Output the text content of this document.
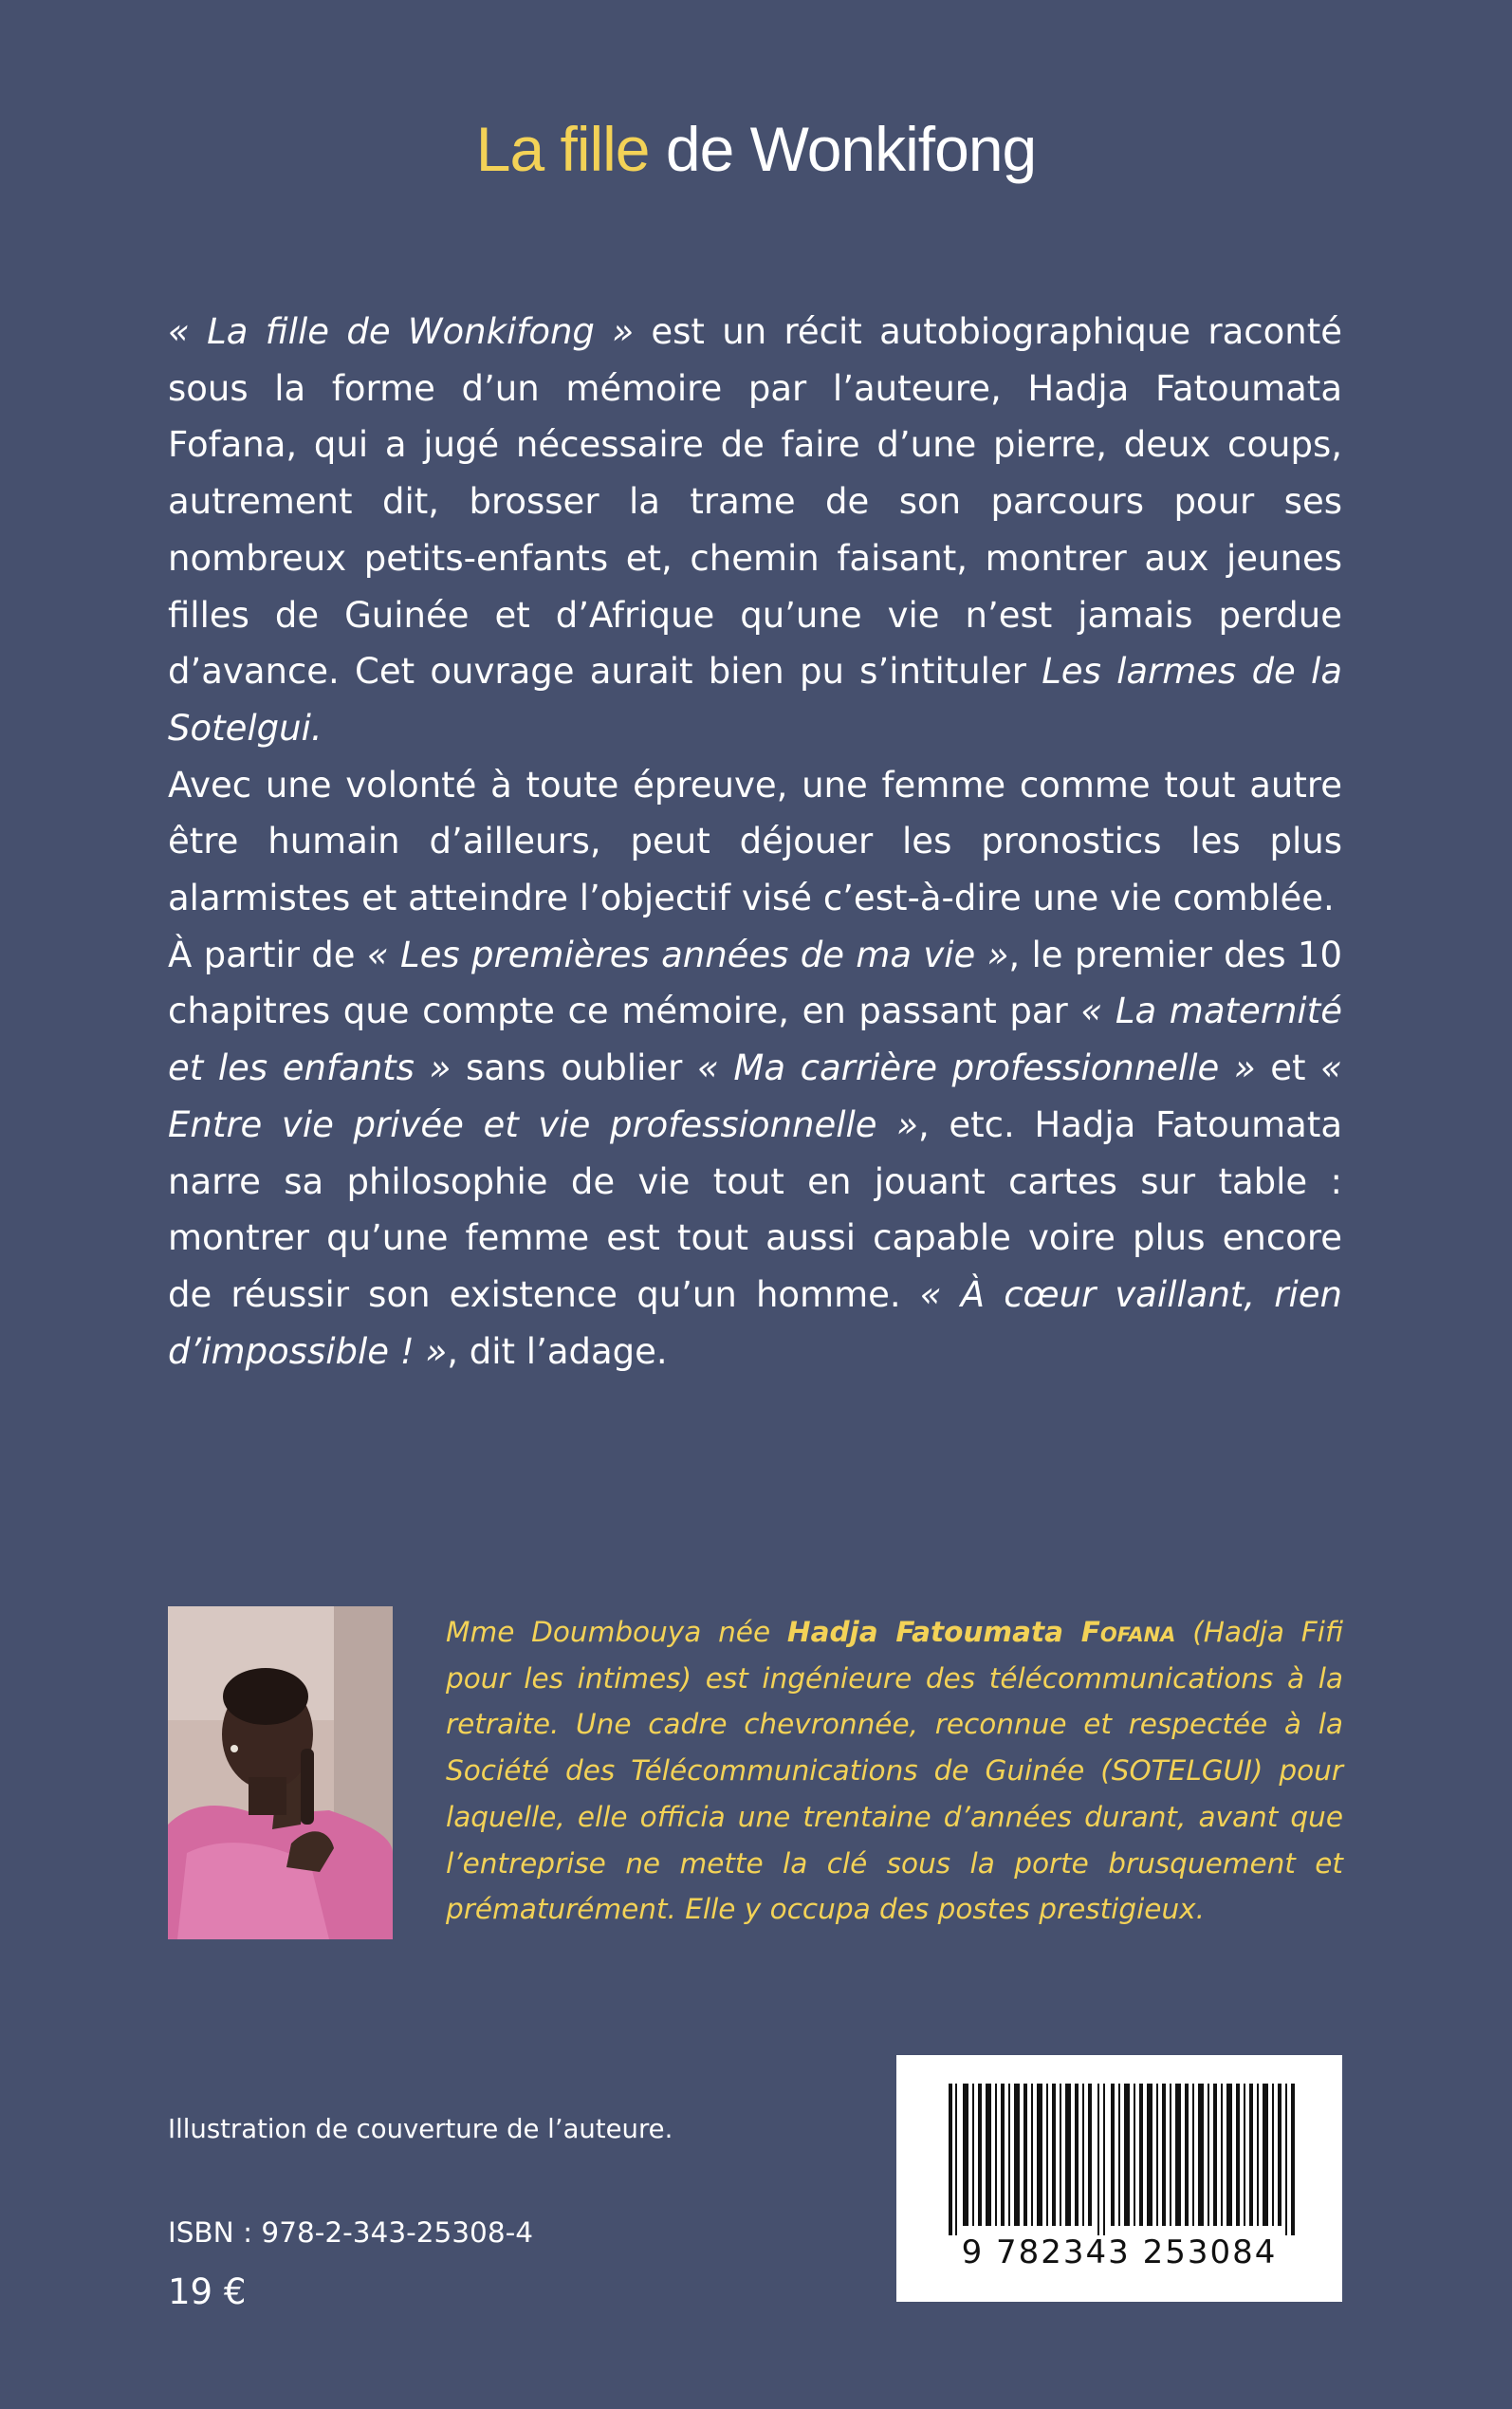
La fille de Wonkifong

« La fille de Wonkifong » est un récit autobiographique raconté sous la forme d’un mémoire par l’auteure, Hadja Fatoumata Fofana, qui a jugé nécessaire de faire d’une pierre, deux coups, autrement dit, brosser la trame de son parcours pour ses nombreux petits-enfants et, chemin faisant, montrer aux jeunes filles de Guinée et d’Afrique qu’une vie n’est jamais perdue d’avance. Cet ouvrage aurait bien pu s’intituler Les larmes de la Sotelgui.

Avec une volonté à toute épreuve, une femme comme tout autre être humain d’ailleurs, peut déjouer les pronostics les plus alarmistes et atteindre l’objectif visé c’est-à-dire une vie comblée.

À partir de « Les premières années de ma vie », le premier des 10 chapitres que compte ce mémoire, en passant par « La maternité et les enfants » sans oublier « Ma carrière professionnelle » et « Entre vie privée et vie professionnelle », etc. Hadja Fatoumata narre sa philosophie de vie tout en jouant cartes sur table : montrer qu’une femme est tout aussi capable voire plus encore de réussir son existence qu’un homme. « À cœur vaillant, rien d’impossible ! », dit l’adage.

Mme Doumbouya née Hadja Fatoumata Fofana (Hadja Fifi pour les intimes) est ingénieure des télécommunications à la retraite. Une cadre chevronnée, reconnue et respectée à la Société des Télécommunications de Guinée (SOTELGUI) pour laquelle, elle officia une trentaine d’années durant, avant que l’entreprise ne mette la clé sous la porte brusquement et prématurément. Elle y occupa des postes prestigieux.
Illustration de couverture de l’auteure.
ISBN : 978-2-343-25308-4
19 €
9 782343 253084
